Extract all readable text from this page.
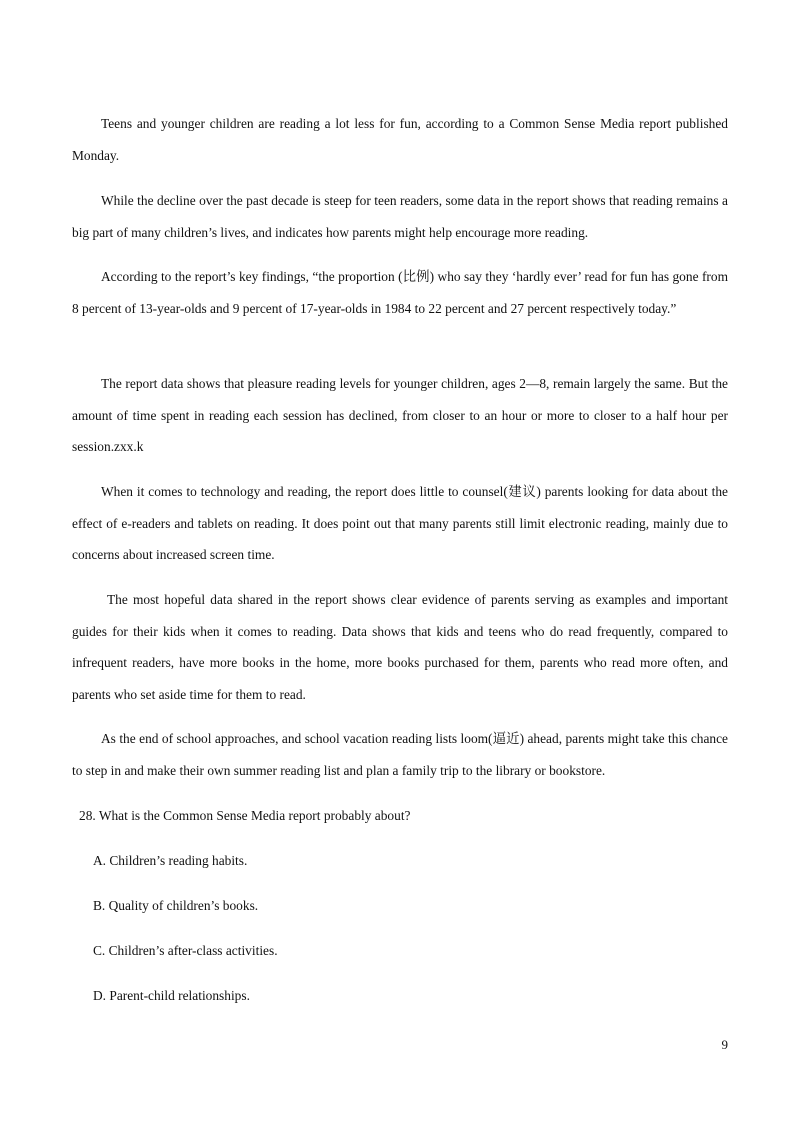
Teens and younger children are reading a lot less for fun, according to a Common Sense Media report published Monday.

While the decline over the past decade is steep for teen readers, some data in the report shows that reading remains a big part of many children’s lives, and indicates how parents might help encourage more reading.

According to the report’s key findings, “the proportion (比例) who say they ‘hardly ever’ read for fun has gone from 8 percent of 13-year-olds and 9 percent of 17-year-olds in 1984 to 22 percent and 27 percent respectively today.”

The report data shows that pleasure reading levels for younger children, ages 2—8, remain largely the same. But the amount of time spent in reading each session has declined, from closer to an hour or more to closer to a half hour per session.zxx.k

When it comes to technology and reading, the report does little to counsel(建议) parents looking for data about the effect of e-readers and tablets on reading. It does point out that many parents still limit electronic reading, mainly due to concerns about increased screen time.

The most hopeful data shared in the report shows clear evidence of parents serving as examples and important guides for their kids when it comes to reading. Data shows that kids and teens who do read frequently, compared to infrequent readers, have more books in the home, more books purchased for them, parents who read more often, and parents who set aside time for them to read.

As the end of school approaches, and school vacation reading lists loom(逼近) ahead, parents might take this chance to step in and make their own summer reading list and plan a family trip to the library or bookstore.

28. What is the Common Sense Media report probably about?

A. Children’s reading habits.

B. Quality of children’s books.

C. Children’s after-class activities.

D. Parent-child relationships.

9
